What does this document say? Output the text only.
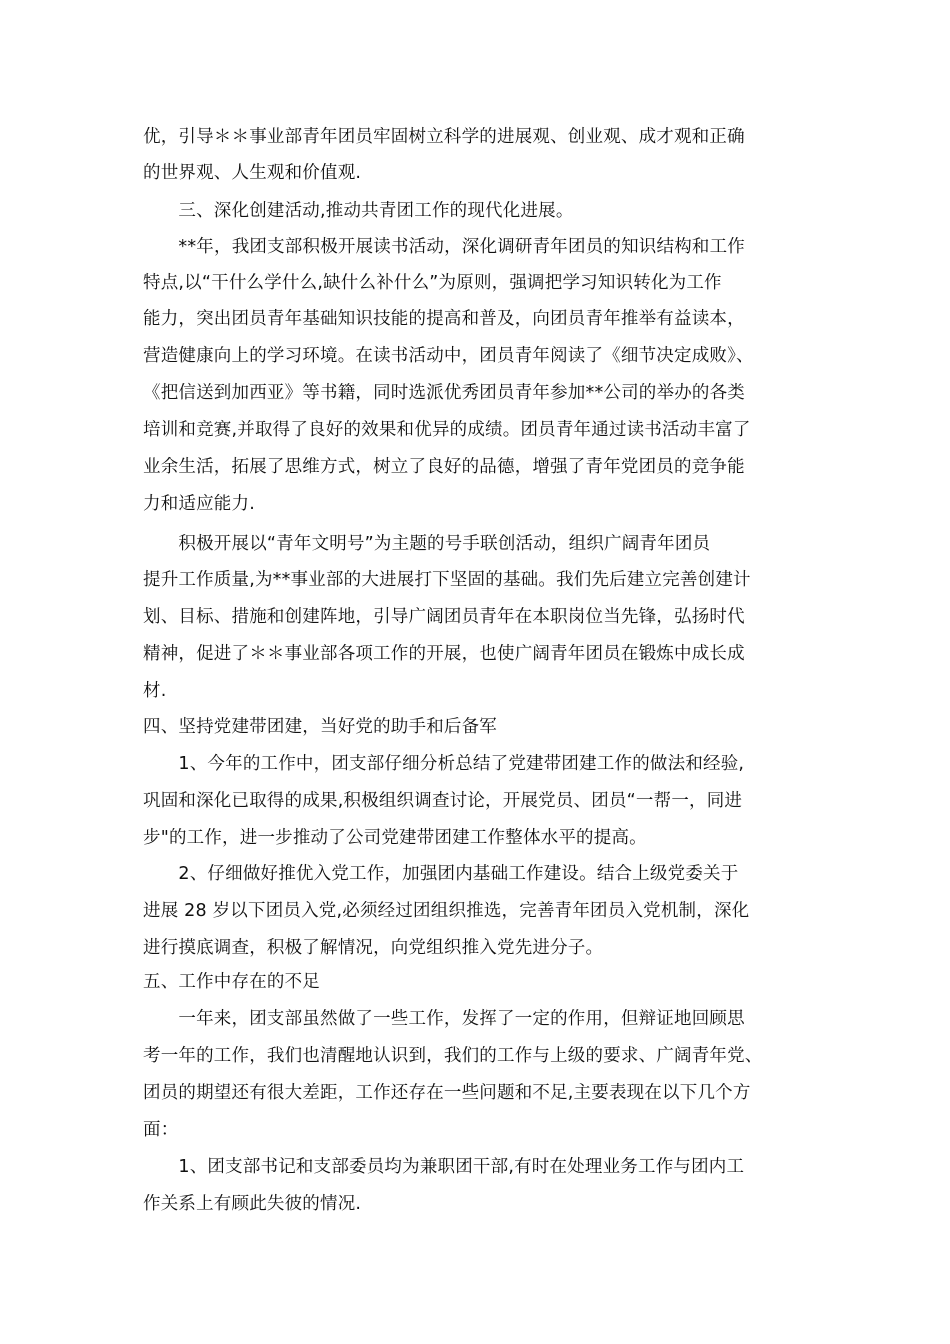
优，引导＊＊事业部青年团员牢固树立科学的进展观、创业观、成才观和正确
的世界观、人生观和价值观.
　　三、深化创建活动,推动共青团工作的现代化进展。
　　**年，我团支部积极开展读书活动，深化调研青年团员的知识结构和工作
特点,以“干什么学什么,缺什么补什么”为原则，强调把学习知识转化为工作
能力，突出团员青年基础知识技能的提高和普及，向团员青年推举有益读本，
营造健康向上的学习环境。在读书活动中，团员青年阅读了《细节决定成败》、
《把信送到加西亚》等书籍，同时选派优秀团员青年参加**公司的举办的各类
培训和竞赛,并取得了良好的效果和优异的成绩。团员青年通过读书活动丰富了
业余生活，拓展了思维方式，树立了良好的品德，增强了青年党团员的竞争能
力和适应能力.
　　积极开展以“青年文明号”为主题的号手联创活动，组织广阔青年团员
提升工作质量,为**事业部的大进展打下坚固的基础。我们先后建立完善创建计
划、目标、措施和创建阵地，引导广阔团员青年在本职岗位当先锋，弘扬时代
精神，促进了＊＊事业部各项工作的开展，也使广阔青年团员在锻炼中成长成
材.
四、坚持党建带团建，当好党的助手和后备军
　　1、今年的工作中，团支部仔细分析总结了党建带团建工作的做法和经验,
巩固和深化已取得的成果,积极组织调查讨论，开展党员、团员“一帮一，同进
步"的工作，进一步推动了公司党建带团建工作整体水平的提高。
　　2、仔细做好推优入党工作，加强团内基础工作建设。结合上级党委关于
进展 28 岁以下团员入党,必须经过团组织推选，完善青年团员入党机制，深化
进行摸底调查，积极了解情况，向党组织推入党先进分子。
五、工作中存在的不足
　　一年来，团支部虽然做了一些工作，发挥了一定的作用，但辩证地回顾思
考一年的工作，我们也清醒地认识到，我们的工作与上级的要求、广阔青年党、
团员的期望还有很大差距，工作还存在一些问题和不足,主要表现在以下几个方
面：
　　1、团支部书记和支部委员均为兼职团干部,有时在处理业务工作与团内工
作关系上有顾此失彼的情况.
